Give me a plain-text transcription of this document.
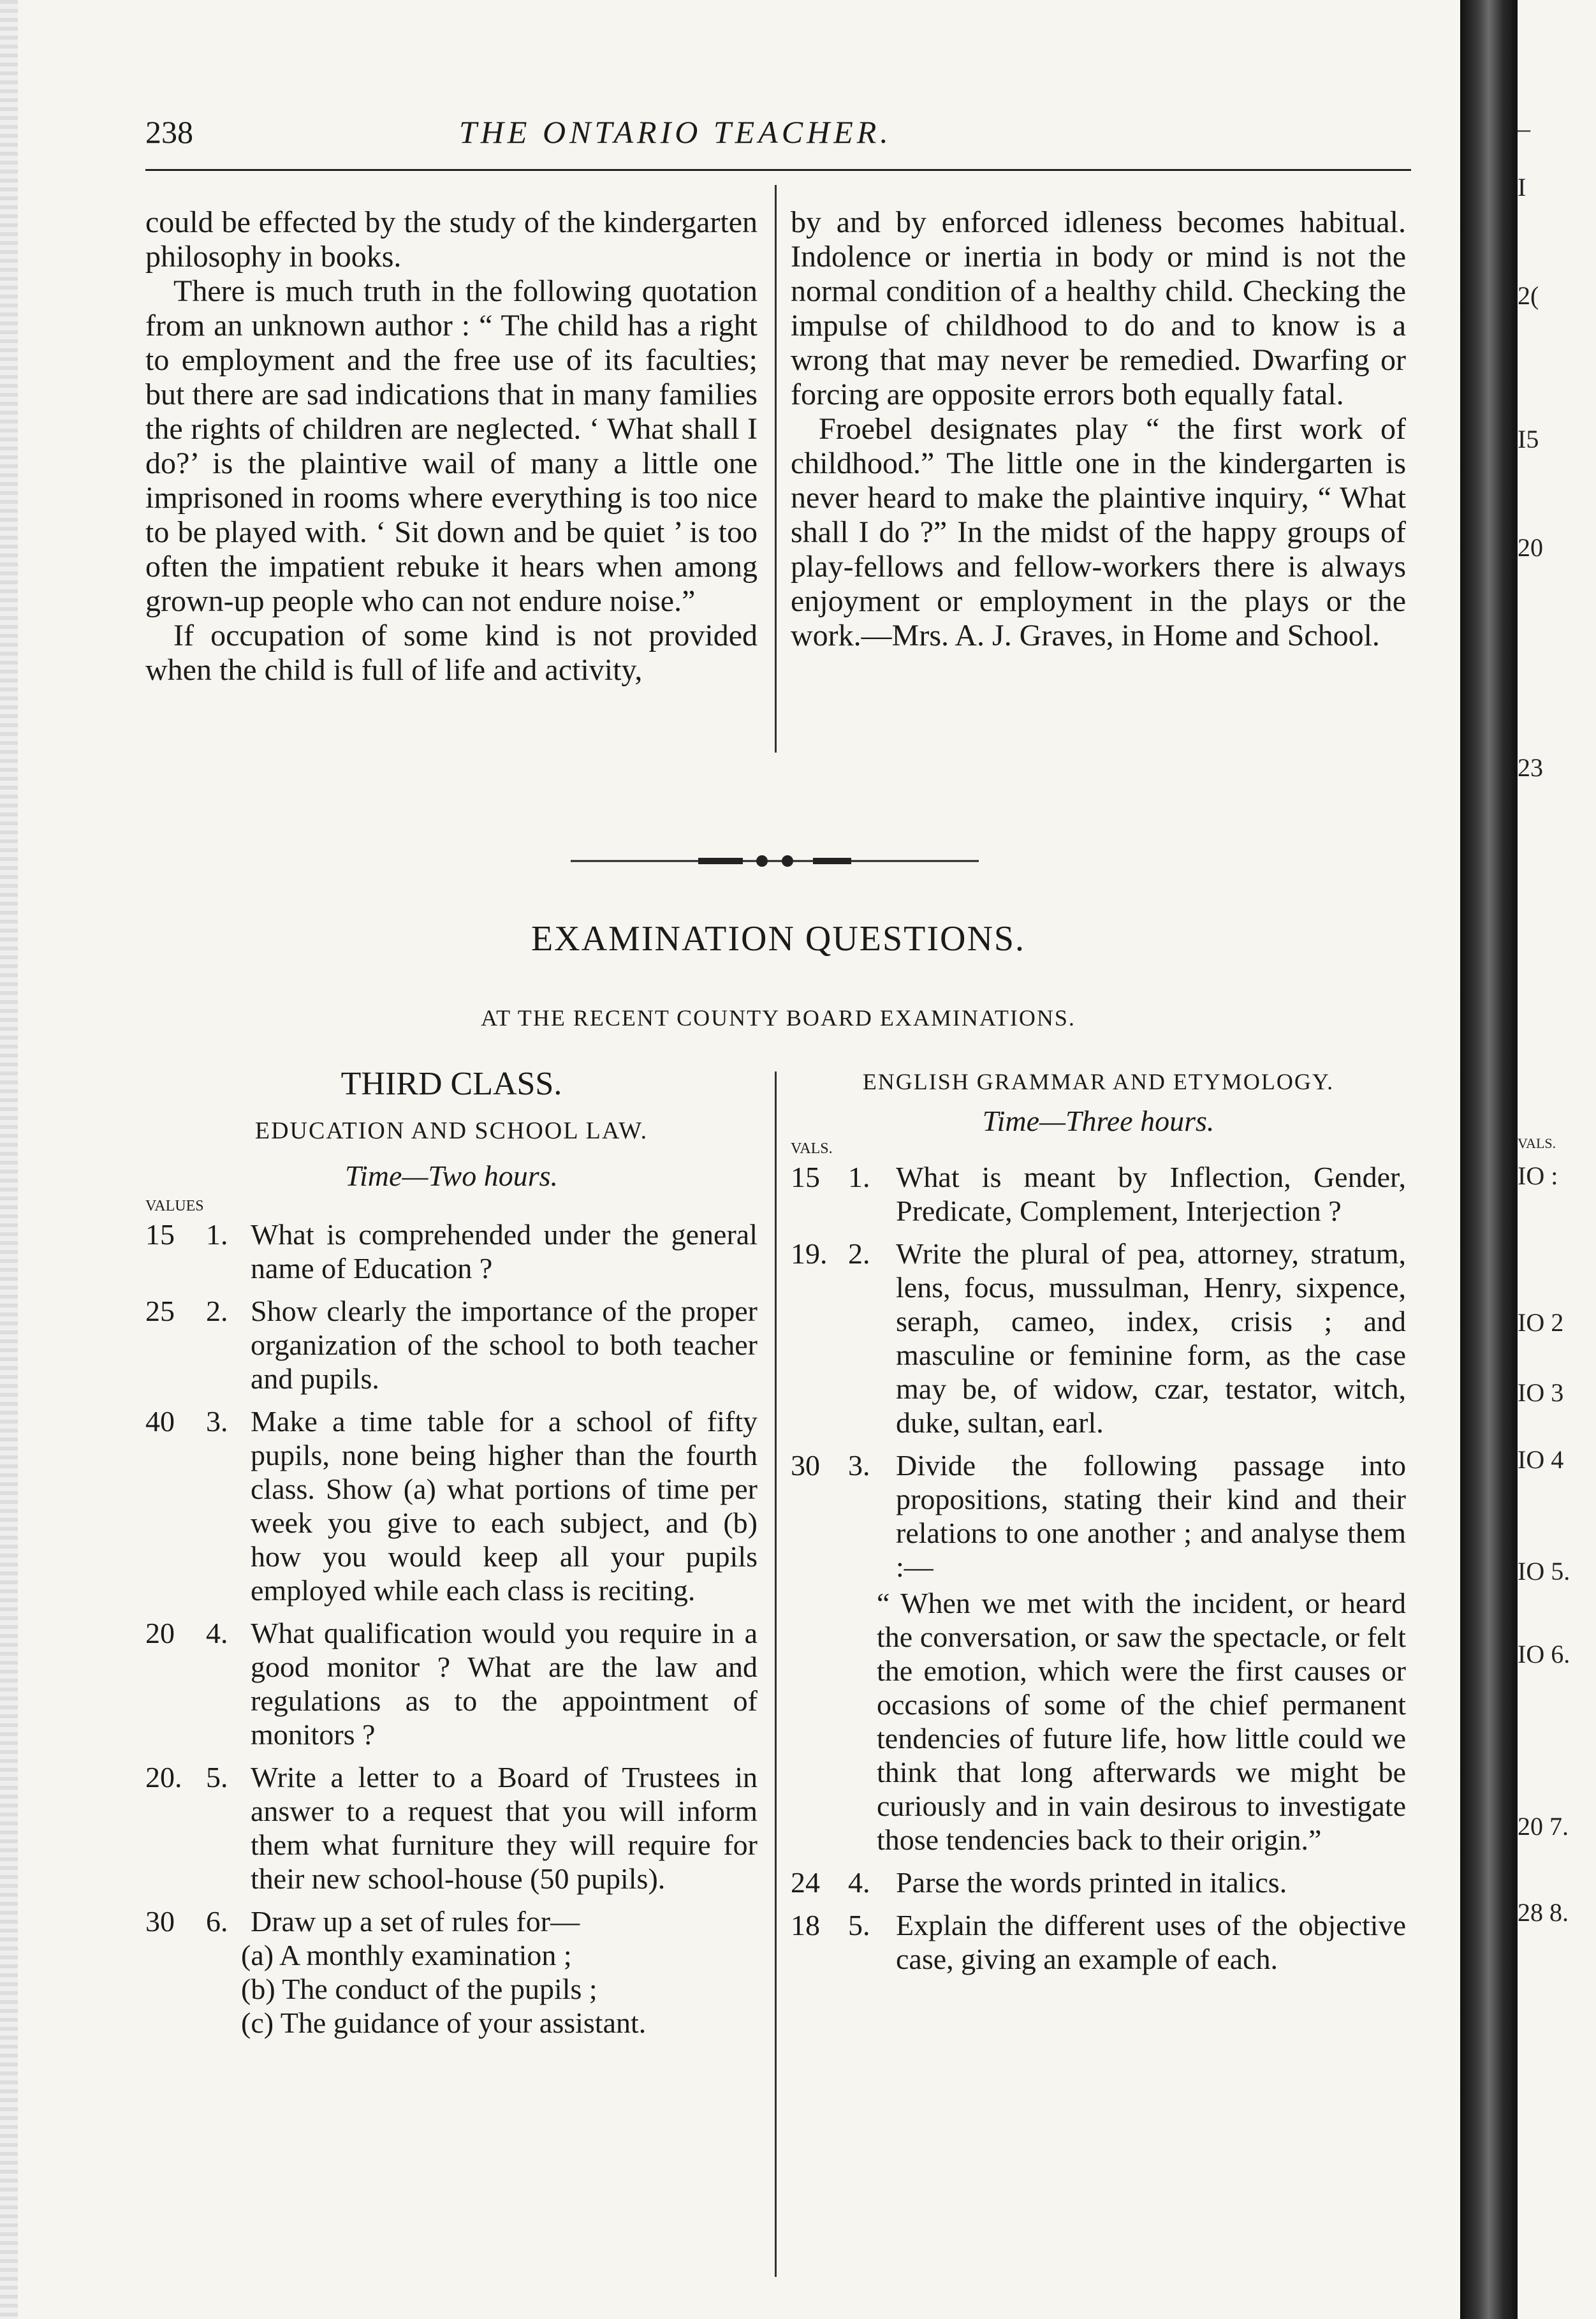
238	THE ONTARIO TEACHER.

could be effected by the study of the kindergarten philosophy in books.

There is much truth in the following quotation from an unknown author : “ The child has a right to employment and the free use of its faculties; but there are sad indications that in many families the rights of children are neglected. ‘ What shall I do?’ is the plaintive wail of many a little one imprisoned in rooms where everything is too nice to be played with. ‘ Sit down and be quiet ’ is too often the impatient rebuke it hears when among grown-up people who can not endure noise.”

If occupation of some kind is not provided when the child is full of life and activity,

by and by enforced idleness becomes habitual. Indolence or inertia in body or mind is not the normal condition of a healthy child. Checking the impulse of childhood to do and to know is a wrong that may never be remedied. Dwarfing or forcing are opposite errors both equally fatal.

Froebel designates play “ the first work of childhood.” The little one in the kindergarten is never heard to make the plaintive inquiry, “ What shall I do ?” In the midst of the happy groups of play-fellows and fellow-workers there is always enjoyment or employment in the plays or the work.—Mrs. A. J. Graves, in Home and School.

EXAMINATION QUESTIONS.
AT THE RECENT COUNTY BOARD EXAMINATIONS.
THIRD CLASS.
EDUCATION AND SCHOOL LAW.
Time—Two hours.
VALUES
15	1. What is comprehended under the general name of Education ?
25	2. Show clearly the importance of the proper organization of the school to both teacher and pupils.
40	3. Make a time table for a school of fifty pupils, none being higher than the fourth class. Show (a) what portions of time per week you give to each subject, and (b) how you would keep all your pupils employed while each class is reciting.
20	4. What qualification would you require in a good monitor ? What are the law and regulations as to the appointment of monitors ?
20. 5. Write a letter to a Board of Trustees in answer to a request that you will inform them what furniture they will require for their new school-house (50 pupils).
30	6. Draw up a set of rules for—
(a) A monthly examination ;
(b) The conduct of the pupils ;
(c) The guidance of your assistant.
ENGLISH GRAMMAR AND ETYMOLOGY.
Time—Three hours.
VALS.
15 1. What is meant by Inflection, Gender, Predicate, Complement, Interjection ?
19. 2. Write the plural of pea, attorney, stratum, lens, focus, mussulman, Henry, sixpence, seraph, cameo, index, crisis ; and masculine or feminine form, as the case may be, of widow, czar, testator, witch, duke, sultan, earl.
30 3. Divide the following passage into propositions, stating their kind and their relations to one another ; and analyse them :—
“ When we met with the incident, or heard the conversation, or saw the spectacle, or felt the emotion, which were the first causes or occasions of some of the chief permanent tendencies of future life, how little could we think that long afterwards we might be curiously and in vain desirous to investigate those tendencies back to their origin.”
24 4. Parse the words printed in italics.
18 5. Explain the different uses of the objective case, giving an example of each.
–
I
2(
I5
20
23
VALS.
IO :
IO 2
IO 3
IO 4
IO 5.
IO 6.
20 7.
28 8.
